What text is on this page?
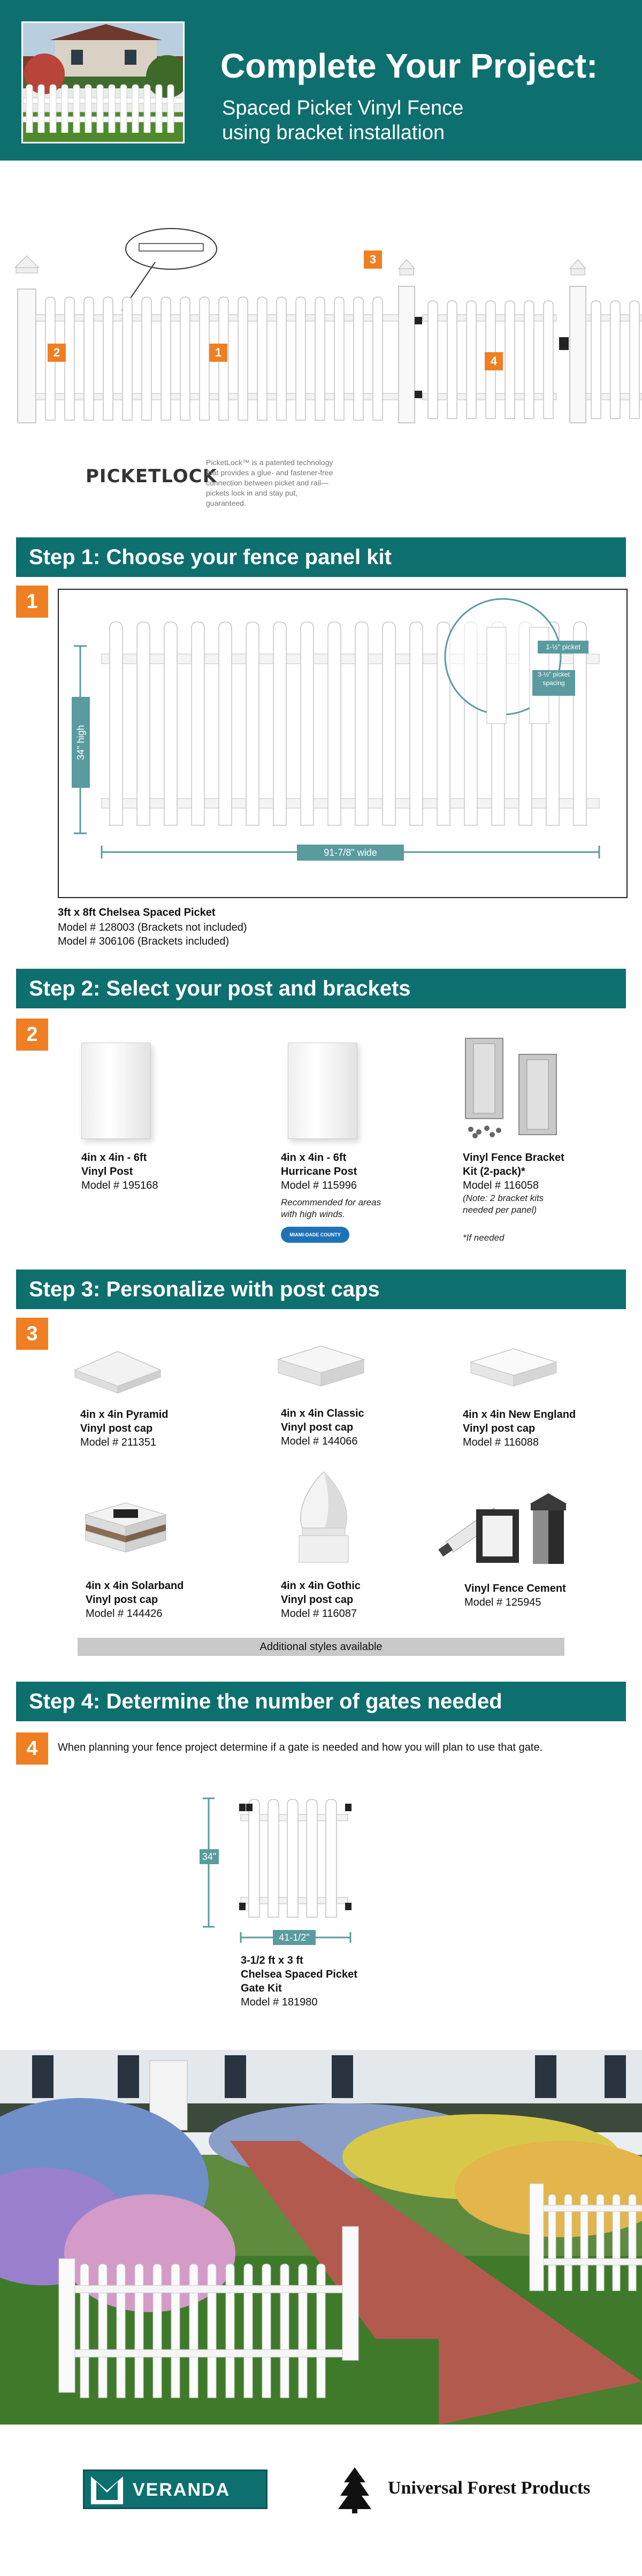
Complete Your Project:
Spaced Picket Vinyl Fence
using bracket installation
2	1
3
4
PICKETLOCK
PicketLock™ is a patented technology that provides a glue- and fastener-free connection between picket and rail—pickets lock in and stay put, guaranteed.
Step 1: Choose your fence panel kit
1
34" high
91-7/8" wide
1-½" picket
3-½" picket spacing
3ft x 8ft Chelsea Spaced Picket
Model # 128003 (Brackets not included)
Model # 306106 (Brackets included)
Step 2: Select your post and brackets
2
4in x 4in - 6ft
Vinyl Post
Model # 195168
4in x 4in - 6ft
Hurricane Post
Model # 115996
Recommended for areas with high winds.
MIAMI-DADE COUNTY APPROVED
Vinyl Fence Bracket
Kit (2-pack)*
Model # 116058
(Note: 2 bracket kits needed per panel)
*If needed
Step 3: Personalize with post caps
3
4in x 4in Pyramid
Vinyl post cap
Model # 211351
4in x 4in Classic
Vinyl post cap
Model # 144066
4in x 4in New England
Vinyl post cap
Model # 116088
4in x 4in Solarband
Vinyl post cap
Model # 144426
4in x 4in Gothic
Vinyl post cap
Model # 116087
Vinyl Fence Cement
Model # 125945
Additional styles available
Step 4: Determine the number of gates needed
4	When planning your fence project determine if a gate is needed and how you will plan to use that gate.
34"
41-1/2"
3-1/2 ft x 3 ft
Chelsea Spaced Picket
Gate Kit
Model # 181980
VERANDA	Universal Forest Products
